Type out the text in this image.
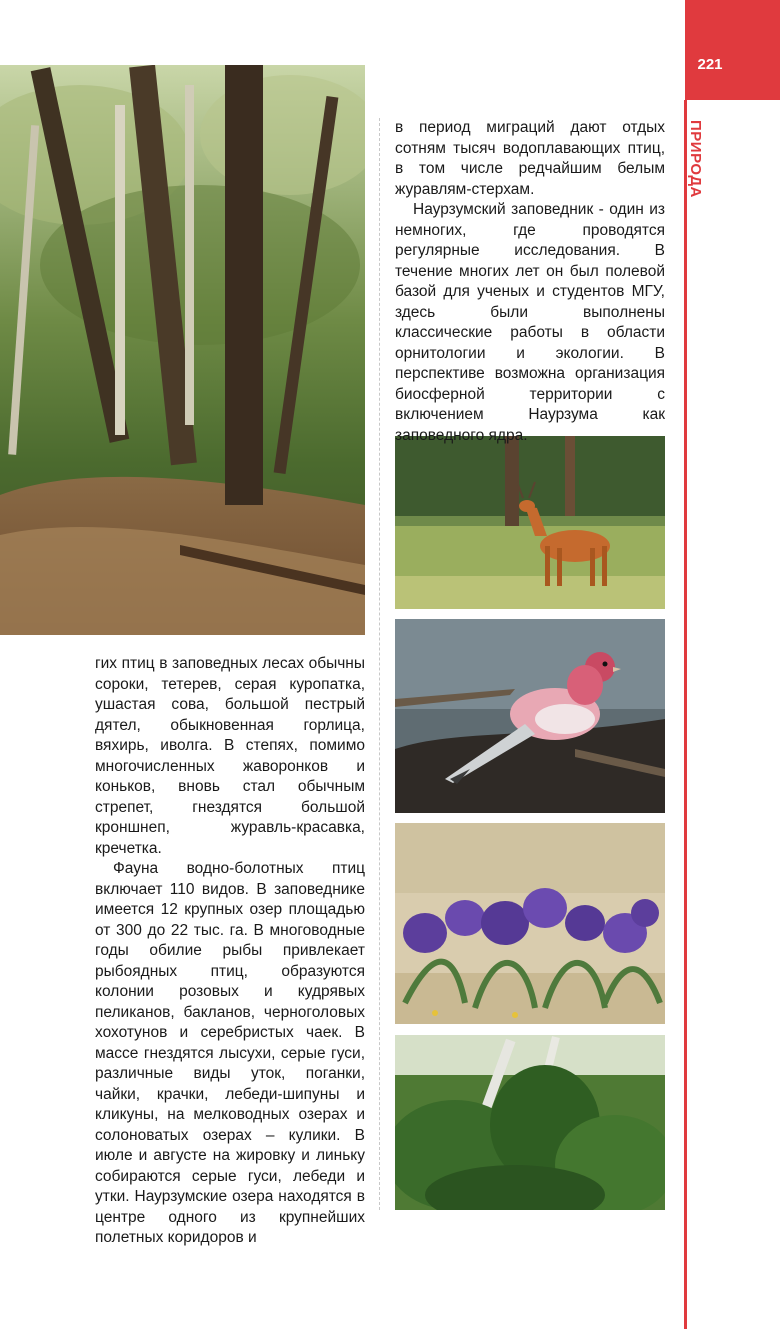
221
ПРИРОДА

в период миграций дают отдых сотням тысяч водоплавающих птиц, в том числе редчайшим белым журавлям-стерхам.

Наурзумский заповедник - один из немногих, где проводятся регулярные исследования. В течение многих лет он был полевой базой для ученых и студентов МГУ, здесь были выполнены классические работы в области орнитологии и экологии. В перспективе возможна организация биосферной территории с включением Наурзума как заповедного ядра.

гих птиц в заповедных лесах обычны сороки, тетерев, серая куропатка, ушастая сова, большой пестрый дятел, обыкновенная горлица, вяхирь, иволга. В степях, помимо многочисленных жаворонков и коньков, вновь стал обычным стрепет, гнездятся большой кроншнеп, журавль-красавка, кречетка.

Фауна водно-болотных птиц включает 110 видов. В заповеднике имеется 12 крупных озер площадью от 300 до 22 тыс. га. В многоводные годы обилие рыбы привлекает рыбоядных птиц, образуются колонии розовых и кудрявых пеликанов, бакланов, черноголовых хохотунов и серебристых чаек. В массе гнездятся лысухи, серые гуси, различные виды уток, поганки, чайки, крачки, лебеди-шипуны и кликуны, на мелководных озерах и солоноватых озерах – кулики. В июле и августе на жировку и линьку собираются серые гуси, лебеди и утки. Наурзумские озера находятся в центре одного из крупнейших полетных коридоров и
